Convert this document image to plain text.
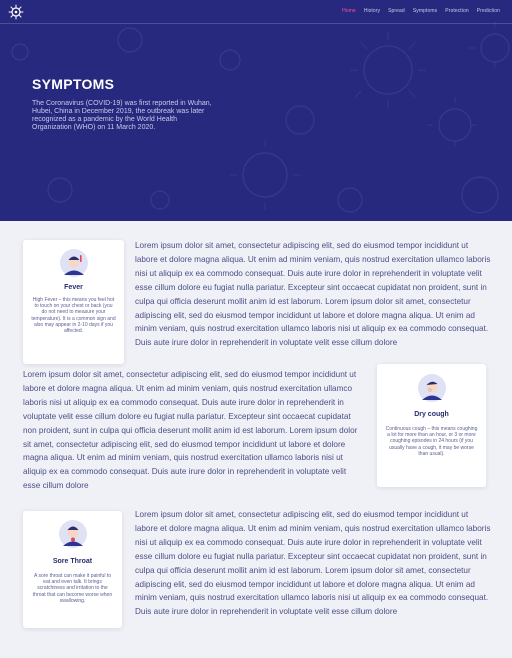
Home History Spread Symptoms Protection Prediction
SYMPTOMS

The Coronavirus (COVID-19) was first reported in Wuhan, Hubei, China in December 2019, the outbreak was later recognized as a pandemic by the World Health Organization (WHO) on 11 March 2020.

Fever
High Fever – this means you feel hot to touch on your chest or back (you do not need to measure your temperature). It is a common sign and also may appear in 2-10 days if you affected.
Lorem ipsum dolor sit amet, consectetur adipiscing elit, sed do eiusmod tempor incididunt ut labore et dolore magna aliqua. Ut enim ad minim veniam, quis nostrud exercitation ullamco laboris nisi ut aliquip ex ea commodo consequat. Duis aute irure dolor in reprehenderit in voluptate velit esse cillum dolore eu fugiat nulla pariatur. Excepteur sint occaecat cupidatat non proident, sunt in culpa qui officia deserunt mollit anim id est laborum. Lorem ipsum dolor sit amet, consectetur adipiscing elit, sed do eiusmod tempor incididunt ut labore et dolore magna aliqua. Ut enim ad minim veniam, quis nostrud exercitation ullamco laboris nisi ut aliquip ex ea commodo consequat. Duis aute irure dolor in reprehenderit in voluptate velit esse cillum dolore
Lorem ipsum dolor sit amet, consectetur adipiscing elit, sed do eiusmod tempor incididunt ut labore et dolore magna aliqua. Ut enim ad minim veniam, quis nostrud exercitation ullamco laboris nisi ut aliquip ex ea commodo consequat. Duis aute irure dolor in reprehenderit in voluptate velit esse cillum dolore eu fugiat nulla pariatur. Excepteur sint occaecat cupidatat non proident, sunt in culpa qui officia deserunt mollit anim id est laborum. Lorem ipsum dolor sit amet, consectetur adipiscing elit, sed do eiusmod tempor incididunt ut labore et dolore magna aliqua. Ut enim ad minim veniam, quis nostrud exercitation ullamco laboris nisi ut aliquip ex ea commodo consequat. Duis aute irure dolor in reprehenderit in voluptate velit esse cillum dolore
Dry cough
Continuous cough – this means coughing a lot for more than an hour, or 3 or more coughing episodes in 24 hours (if you usually have a cough, it may be worse than usual).
Sore Throat
A sore throat can make it painful to eat and even talk. It brings scratchiness and irritation to the throat that can become worse when swallowing.
Lorem ipsum dolor sit amet, consectetur adipiscing elit, sed do eiusmod tempor incididunt ut labore et dolore magna aliqua. Ut enim ad minim veniam, quis nostrud exercitation ullamco laboris nisi ut aliquip ex ea commodo consequat. Duis aute irure dolor in reprehenderit in voluptate velit esse cillum dolore eu fugiat nulla pariatur. Excepteur sint occaecat cupidatat non proident, sunt in culpa qui officia deserunt mollit anim id est laborum. Lorem ipsum dolor sit amet, consectetur adipiscing elit, sed do eiusmod tempor incididunt ut labore et dolore magna aliqua. Ut enim ad minim veniam, quis nostrud exercitation ullamco laboris nisi ut aliquip ex ea commodo consequat. Duis aute irure dolor in reprehenderit in voluptate velit esse cillum dolore
